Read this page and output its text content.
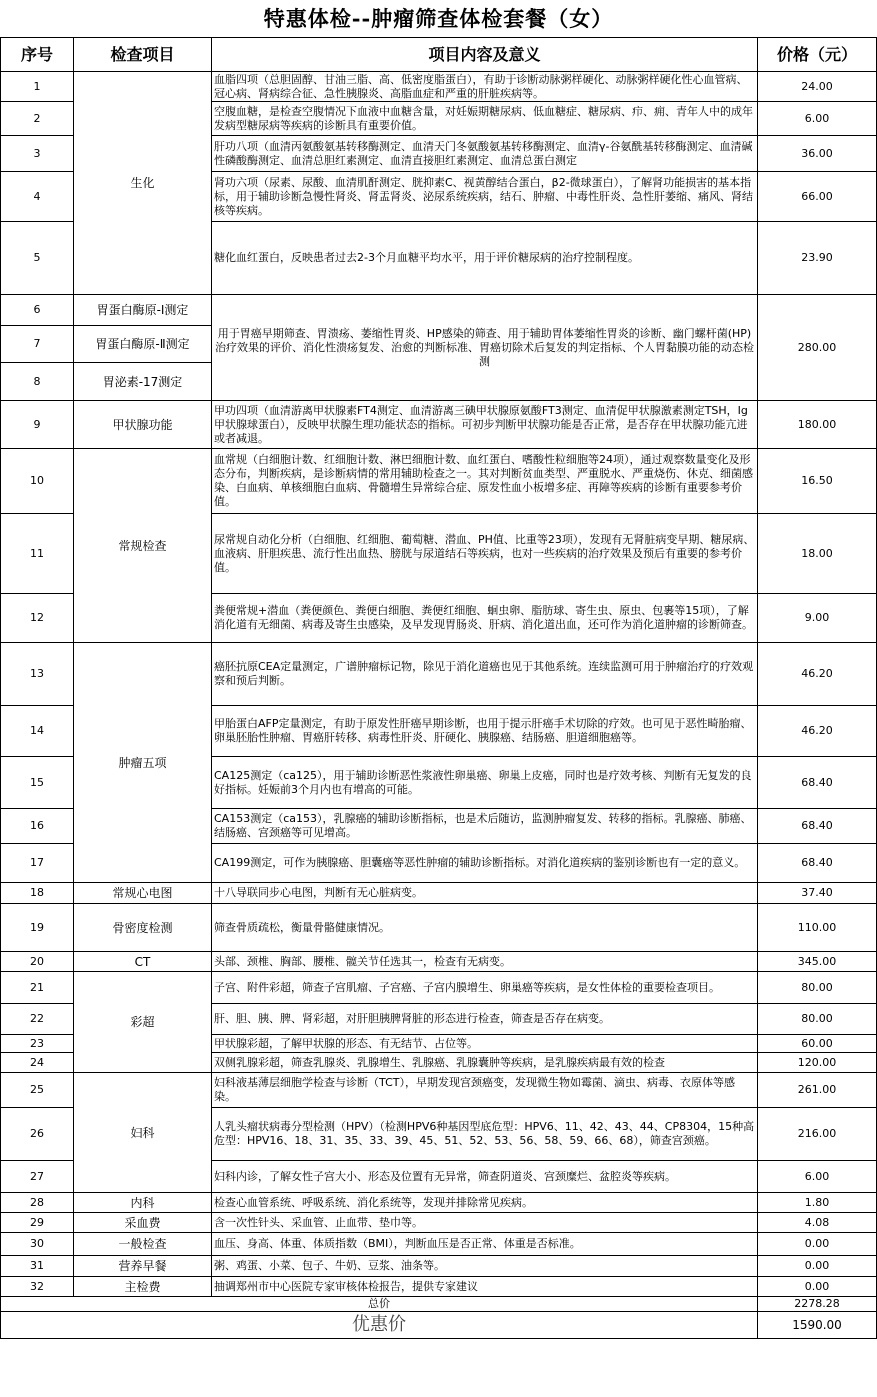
特惠体检--肿瘤筛查体检套餐（女）
序号	检查项目	项目内容及意义	价格（元）
1	生化	血脂四项（总胆固醇、甘油三脂、高、低密度脂蛋白），有助于诊断动脉粥样硬化、动脉粥样硬化性心血管病、冠心病、肾病综合征、急性胰腺炎、高脂血症和严重的肝脏疾病等。	24.00
2		空腹血糖，是检查空腹情况下血液中血糖含量，对妊娠期糖尿病、低血糖症、糖尿病、疖、痈、青年人中的成年发病型糖尿病等疾病的诊断具有重要价值。	6.00
3		肝功八项（血清丙氨酸氨基转移酶测定、血清天门冬氨酸氨基转移酶测定、血清γ-谷氨酰基转移酶测定、血清碱性磷酸酶测定、血清总胆红素测定、血清直接胆红素测定、血清总蛋白测定	36.00
4		肾功六项（尿素、尿酸、血清肌酐测定、胱抑素C、视黄醇结合蛋白，β2-微球蛋白），了解肾功能损害的基本指标，用于辅助诊断急慢性肾炎、肾盂肾炎、泌尿系统疾病，结石、肿瘤、中毒性肝炎、急性肝萎缩、痛风、肾结核等疾病。	66.00
5		糖化血红蛋白，反映患者过去2-3个月血糖平均水平，用于评价糖尿病的治疗控制程度。	23.90
6	胃蛋白酶原-Ⅰ测定	用于胃癌早期筛查、胃溃疡、萎缩性胃炎、HP感染的筛查、用于辅助胃体萎缩性胃炎的诊断、幽门螺杆菌(HP)治疗效果的评价、消化性溃疡复发、治愈的判断标准、胃癌切除术后复发的判定指标、个人胃黏膜功能的动态检测	280.00
7	胃蛋白酶原-Ⅱ测定		
8	胃泌素-17测定		
9	甲状腺功能	甲功四项（血清游离甲状腺素FT4测定、血清游离三碘甲状腺原氨酸FT3测定、血清促甲状腺激素测定TSH，Ig甲状腺球蛋白），反映甲状腺生理功能状态的指标。可初步判断甲状腺功能是否正常，是否存在甲状腺功能亢进或者减退。	180.00
10	常规检查	血常规（白细胞计数、红细胞计数、淋巴细胞计数、血红蛋白、嗜酸性粒细胞等24项），通过观察数量变化及形态分布，判断疾病，是诊断病情的常用辅助检查之一。其对判断贫血类型、严重脱水、严重烧伤、休克、细菌感染、白血病、单核细胞白血病、骨髓增生异常综合症、原发性血小板增多症、再障等疾病的诊断有重要参考价值。	16.50
11		尿常规自动化分析（白细胞、红细胞、葡萄糖、潜血、PH值、比重等23项），发现有无肾脏病变早期、糖尿病、血液病、肝胆疾患、流行性出血热、膀胱与尿道结石等疾病，也对一些疾病的治疗效果及预后有重要的参考价值。	18.00
12		粪便常规+潜血（粪便颜色、粪便白细胞、粪便红细胞、蛔虫卵、脂肪球、寄生虫、原虫、包裹等15项），了解消化道有无细菌、病毒及寄生虫感染，及早发现胃肠炎、肝病、消化道出血，还可作为消化道肿瘤的诊断筛查。	9.00
13	肿瘤五项	癌胚抗原CEA定量测定，广谱肿瘤标记物，除见于消化道癌也见于其他系统。连续监测可用于肿瘤治疗的疗效观察和预后判断。	46.20
14		甲胎蛋白AFP定量测定，有助于原发性肝癌早期诊断，也用于提示肝癌手术切除的疗效。也可见于恶性畸胎瘤、卵巢胚胎性肿瘤、胃癌肝转移、病毒性肝炎、肝硬化、胰腺癌、结肠癌、胆道细胞癌等。	46.20
15		CA125测定（ca125），用于辅助诊断恶性浆液性卵巢癌、卵巢上皮癌，同时也是疗效考核、判断有无复发的良好指标。妊娠前3个月内也有增高的可能。	68.40
16		CA153测定（ca153），乳腺癌的辅助诊断指标，也是术后随访，监测肿瘤复发、转移的指标。乳腺癌、肺癌、结肠癌、宫颈癌等可见增高。	68.40
17		CA199测定，可作为胰腺癌、胆囊癌等恶性肿瘤的辅助诊断指标。对消化道疾病的鉴别诊断也有一定的意义。	68.40
18	常规心电图	十八导联同步心电图，判断有无心脏病变。	37.40
19	骨密度检测	筛查骨质疏松，衡量骨骼健康情况。	110.00
20	CT	头部、颈椎、胸部、腰椎、髋关节任选其一，检查有无病变。	345.00
21	彩超	子宫、附件彩超，筛查子宫肌瘤、子宫癌、子宫内膜增生、卵巢癌等疾病，是女性体检的重要检查项目。	80.00
22		肝、胆、胰、脾、肾彩超，对肝胆胰脾肾脏的形态进行检查，筛查是否存在病变。	80.00
23		甲状腺彩超，了解甲状腺的形态、有无结节、占位等。	60.00
24		双侧乳腺彩超，筛查乳腺炎、乳腺增生、乳腺癌、乳腺囊肿等疾病，是乳腺疾病最有效的检查	120.00
25	妇科	妇科液基薄层细胞学检查与诊断（TCT），早期发现宫颈癌变，发现微生物如霉菌、滴虫、病毒、衣原体等感染。	261.00
26		人乳头瘤状病毒分型检测（HPV）（检测HPV6种基因型底危型：HPV6、11、42、43、44、CP8304，15种高危型：HPV16、18、31、35、33、39、45、51、52、53、56、58、59、66、68），筛查宫颈癌。	216.00
27		妇科内诊，了解女性子宫大小、形态及位置有无异常，筛查阴道炎、宫颈糜烂、盆腔炎等疾病。	6.00
28	内科	检查心血管系统、呼吸系统、消化系统等，发现并排除常见疾病。	1.80
29	采血费	含一次性针头、采血管、止血带、垫巾等。	4.08
30	一般检查	血压、身高、体重、体质指数（BMI），判断血压是否正常、体重是否标准。	0.00
31	营养早餐	粥、鸡蛋、小菜、包子、牛奶、豆浆、油条等。	0.00
32	主检费	抽调郑州市中心医院专家审核体检报告，提供专家建议	0.00
总价			2278.28
优惠价			1590.00
